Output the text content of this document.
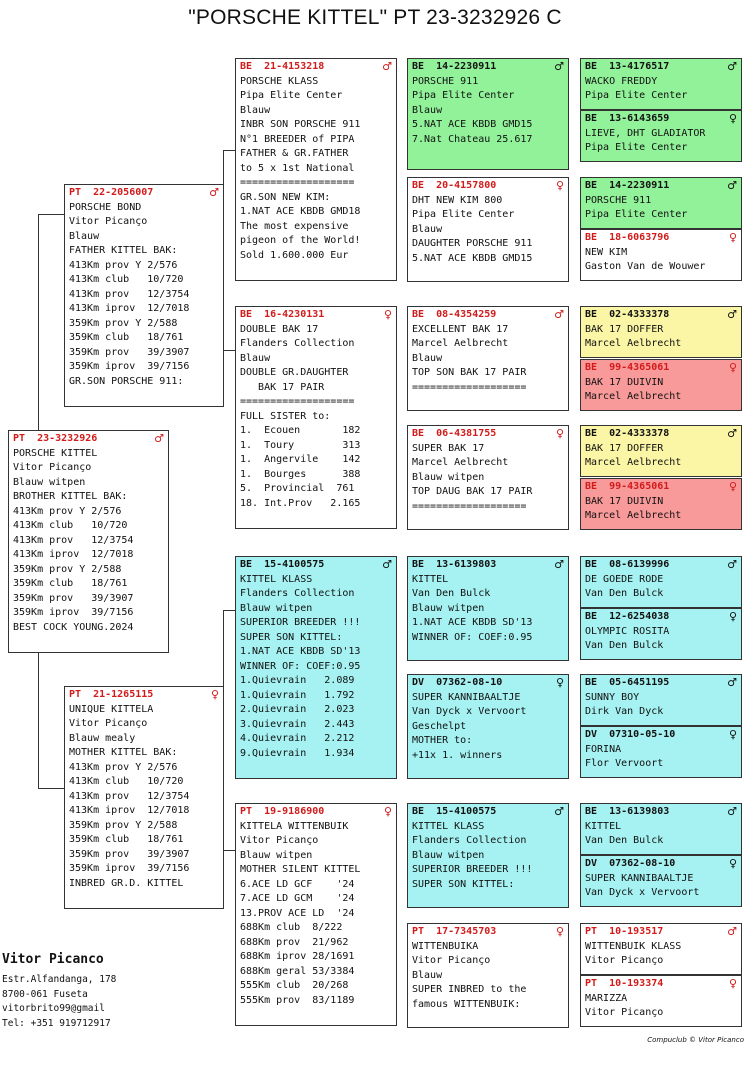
"PORSCHE KITTEL" PT 23-3232926 C
PT  23-3232926	♂
PORSCHE KITTEL
Vitor Picanço
Blauw witpen
BROTHER KITTEL BAK:
413Km prov Y 2/576
413Km club   10/720
413Km prov   12/3754
413Km iprov  12/7018
359Km prov Y 2/588
359Km club   18/761
359Km prov   39/3907
359Km iprov  39/7156
BEST COCK YOUNG.2024
PT  22-2056007	♂
PORSCHE BOND
Vitor Picanço
Blauw
FATHER KITTEL BAK:
413Km prov Y 2/576
413Km club   10/720
413Km prov   12/3754
413Km iprov  12/7018
359Km prov Y 2/588
359Km club   18/761
359Km prov   39/3907
359Km iprov  39/7156
GR.SON PORSCHE 911:
PT  21-1265115	♀
UNIQUE KITTELA
Vitor Picanço
Blauw mealy
MOTHER KITTEL BAK:
413Km prov Y 2/576
413Km club   10/720
413Km prov   12/3754
413Km iprov  12/7018
359Km prov Y 2/588
359Km club   18/761
359Km prov   39/3907
359Km iprov  39/7156
INBRED GR.D. KITTEL
BE  21-4153218	♂
PORSCHE KLASS
Pipa Elite Center
Blauw
INBR SON PORSCHE 911
N°1 BREEDER of PIPA
FATHER & GR.FATHER
to 5 x 1st National
===================
GR.SON NEW KIM:
1.NAT ACE KBDB GMD18
The most expensive
pigeon of the World!
Sold 1.600.000 Eur
BE  16-4230131	♀
DOUBLE BAK 17
Flanders Collection
Blauw
DOUBLE GR.DAUGHTER
BAK 17 PAIR
===================
FULL SISTER to:
1.  Ecouen       182
1.  Toury        313
1.  Angervile    142
1.  Bourges      388
5.  Provincial  761
18. Int.Prov   2.165
BE  15-4100575	♂
KITTEL KLASS
Flanders Collection
Blauw witpen
SUPERIOR BREEDER !!!
SUPER SON KITTEL:
1.NAT ACE KBDB SD'13
WINNER OF: COEF:0.95
1.Quievrain   2.089
1.Quievrain   1.792
2.Quievrain   2.023
3.Quievrain   2.443
4.Quievrain   2.212
9.Quievrain   1.934
PT  19-9186900	♀
KITTELA WITTENBUIK
Vitor Picanço
Blauw witpen
MOTHER SILENT KITTEL
6.ACE LD GCF    '24
7.ACE LD GCM    '24
13.PROV ACE LD  '24
688Km club  8/222
688Km prov  21/962
688Km iprov 28/1691
688Km geral 53/3384
555Km club  20/268
555Km prov  83/1189
BE  14-2230911	♂
PORSCHE 911
Pipa Elite Center
Blauw
5.NAT ACE KBDB GMD15
7.Nat Chateau 25.617
BE  20-4157800	♀
DHT NEW KIM 800
Pipa Elite Center
Blauw
DAUGHTER PORSCHE 911
5.NAT ACE KBDB GMD15
BE  08-4354259	♂
EXCELLENT BAK 17
Marcel Aelbrecht
Blauw
TOP SON BAK 17 PAIR
===================
BE  06-4381755	♀
SUPER BAK 17
Marcel Aelbrecht
Blauw witpen
TOP DAUG BAK 17 PAIR
===================
BE  13-6139803	♂
KITTEL
Van Den Bulck
Blauw witpen
1.NAT ACE KBDB SD'13
WINNER OF: COEF:0.95
DV  07362-08-10	♀
SUPER KANNIBAALTJE
Van Dyck x Vervoort
Geschelpt
MOTHER to:
+11x 1. winners
BE  15-4100575	♂
KITTEL KLASS
Flanders Collection
Blauw witpen
SUPERIOR BREEDER !!!
SUPER SON KITTEL:
PT  17-7345703	♀
WITTENBUIKA
Vitor Picanço
Blauw
SUPER INBRED to the
famous WITTENBUIK:
BE  13-4176517	♂
WACKO FREDDY
Pipa Elite Center
BE  13-6143659	♀
LIEVE, DHT GLADIATOR
Pipa Elite Center
BE  14-2230911	♂
PORSCHE 911
Pipa Elite Center
BE  18-6063796	♀
NEW KIM
Gaston Van de Wouwer
BE  02-4333378	♂
BAK 17 DOFFER
Marcel Aelbrecht
BE  99-4365061	♀
BAK 17 DUIVIN
Marcel Aelbrecht
BE  02-4333378	♂
BAK 17 DOFFER
Marcel Aelbrecht
BE  99-4365061	♀
BAK 17 DUIVIN
Marcel Aelbrecht
BE  08-6139996	♂
DE GOEDE RODE
Van Den Bulck
BE  12-6254038	♀
OLYMPIC ROSITA
Van Den Bulck
BE  05-6451195	♂
SUNNY BOY
Dirk Van Dyck
DV  07310-05-10	♀
FORINA
Flor Vervoort
BE  13-6139803	♂
KITTEL
Van Den Bulck
DV  07362-08-10	♀
SUPER KANNIBAALTJE
Van Dyck x Vervoort
PT  10-193517	♂
WITTENBUIK KLASS
Vitor Picanço
PT  10-193374	♀
MARIZZA
Vitor Picanço
Vitor Picanco
Estr.Alfandanga, 178
8700-061 Fuseta
vitorbrito99@gmail
Tel: +351 919712917
Compuclub © Vitor Picanco
